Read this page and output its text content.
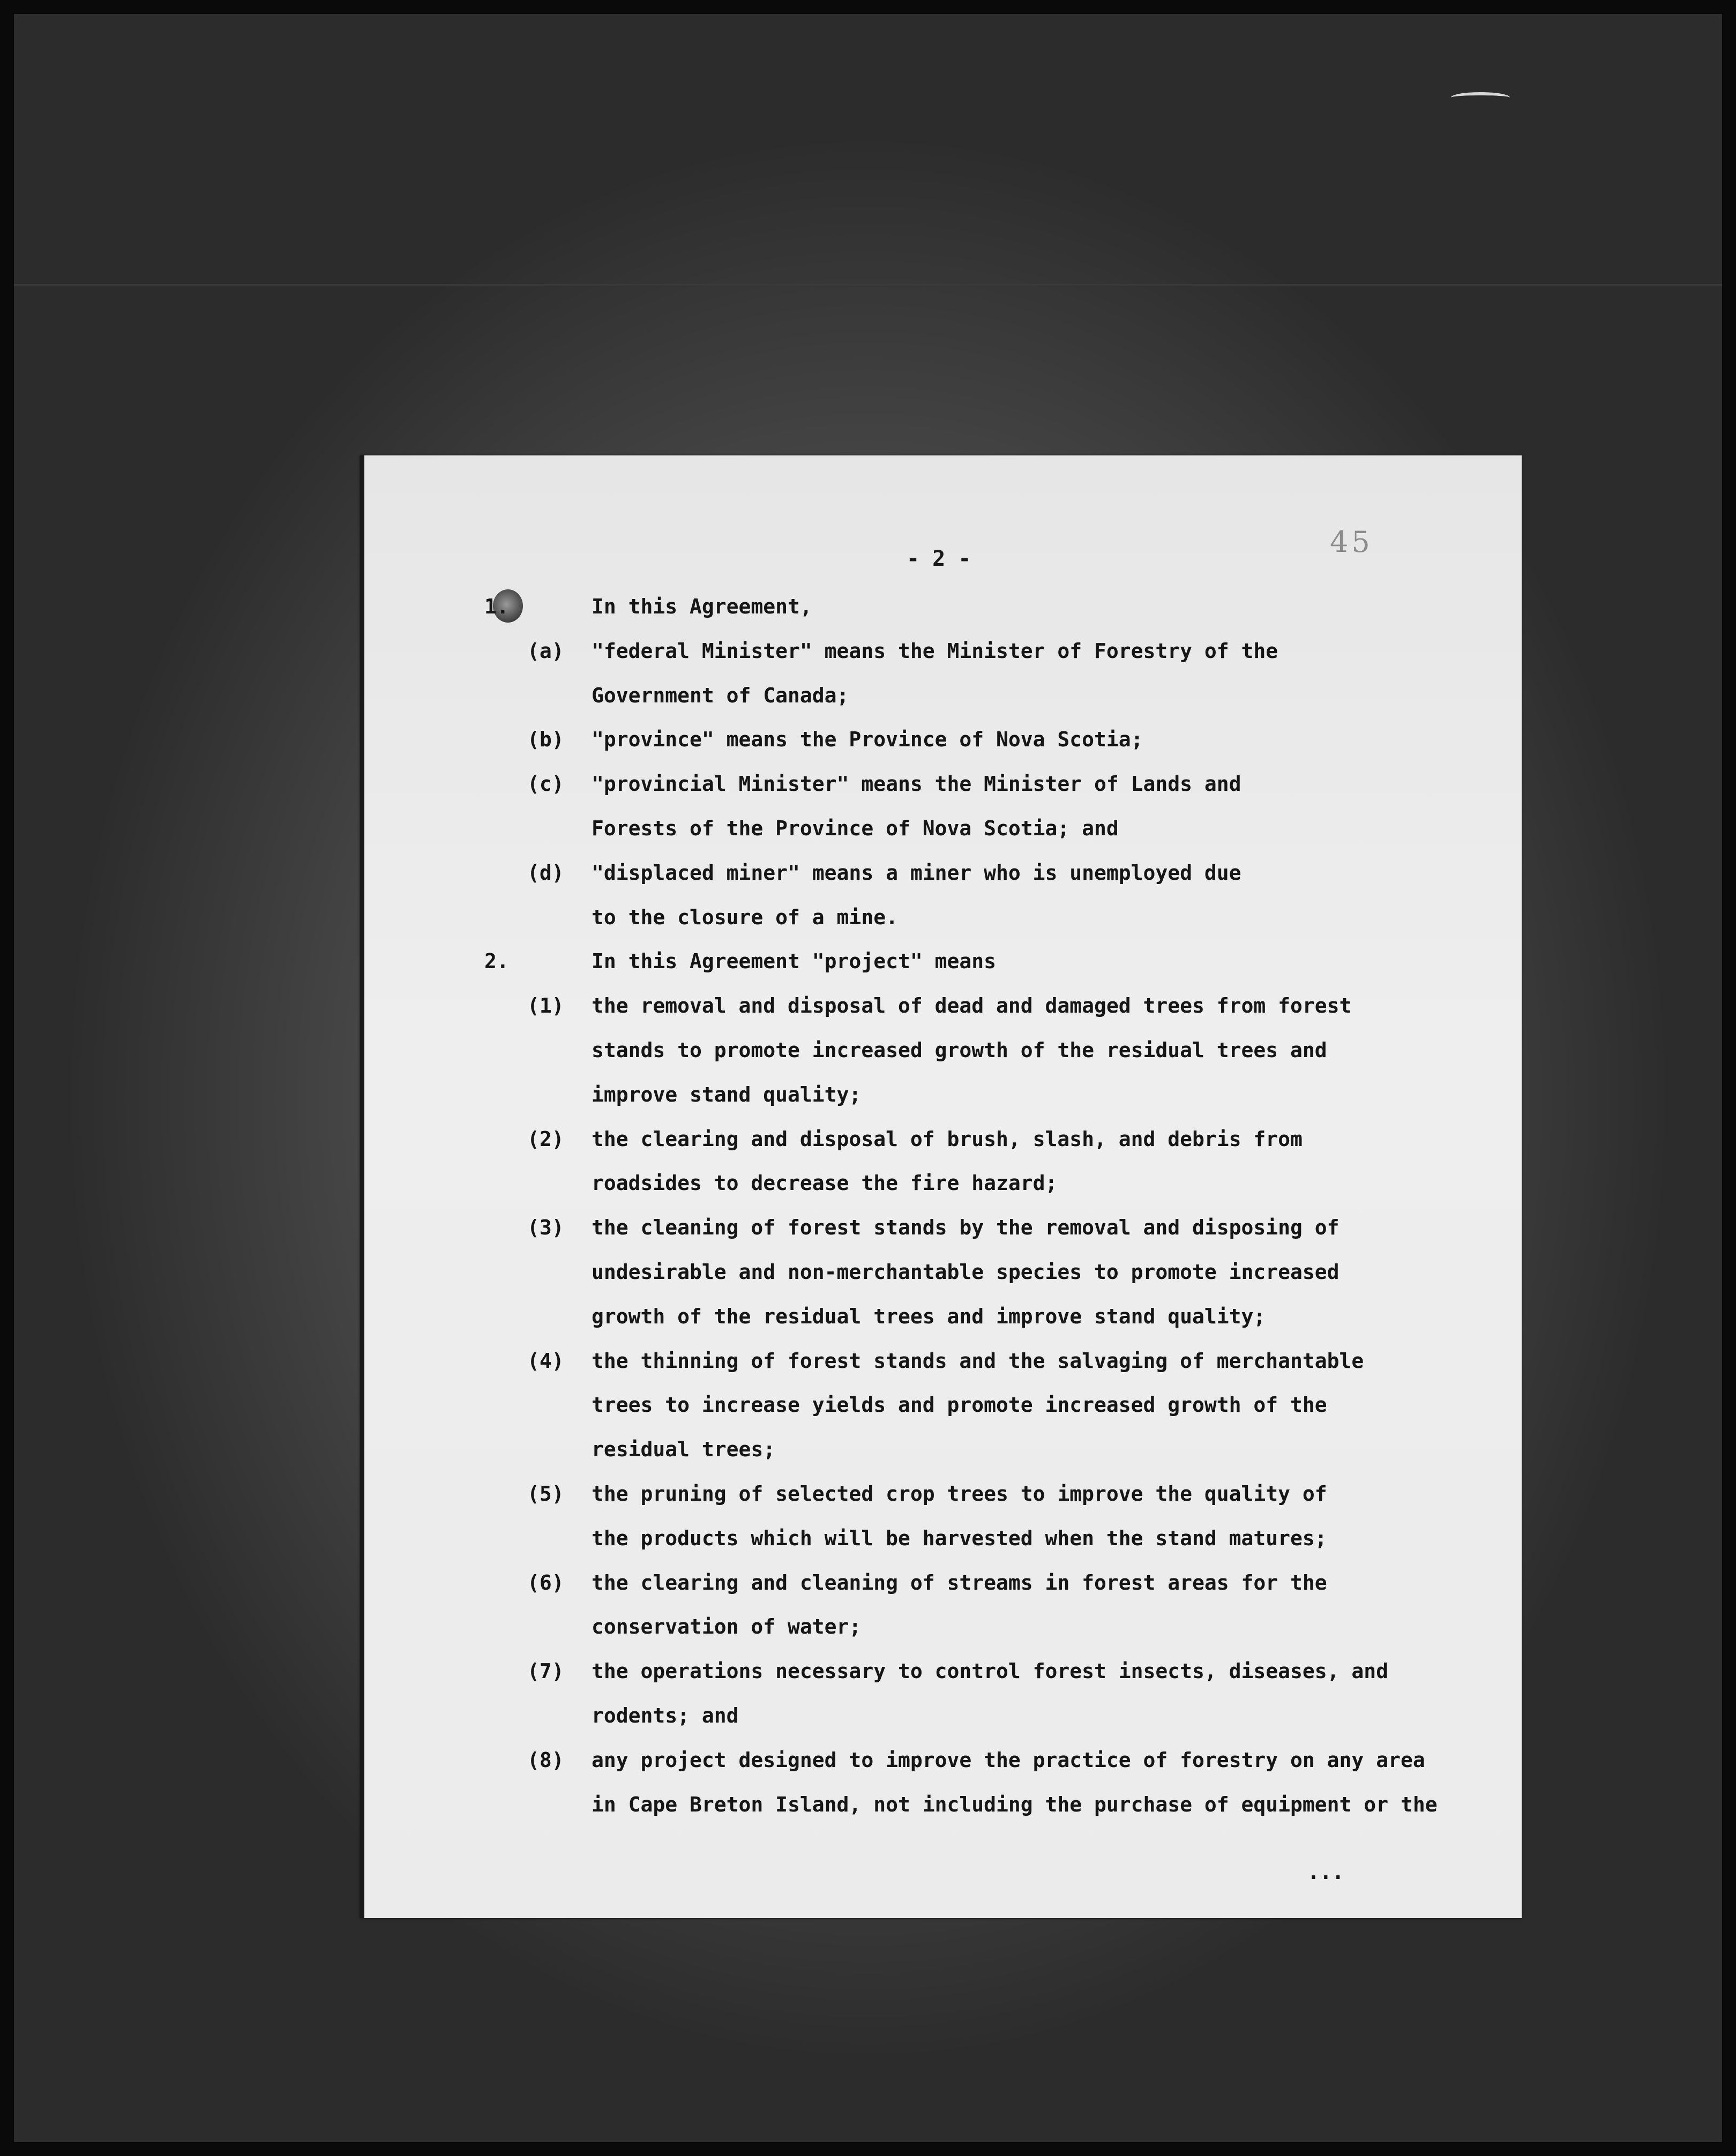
- 2 -	45
1.	In this Agreement,
(a) "federal Minister" means the Minister of Forestry of the
Government of Canada;
(b) "province" means the Province of Nova Scotia;
(c) "provincial Minister" means the Minister of Lands and
Forests of the Province of Nova Scotia; and
(d) "displaced miner" means a miner who is unemployed due
to the closure of a mine.
2.	In this Agreement "project" means
(1) the removal and disposal of dead and damaged trees from forest
stands to promote increased growth of the residual trees and
improve stand quality;
(2) the clearing and disposal of brush, slash, and debris from
roadsides to decrease the fire hazard;
(3) the cleaning of forest stands by the removal and disposing of
undesirable and non-merchantable species to promote increased
growth of the residual trees and improve stand quality;
(4) the thinning of forest stands and the salvaging of merchantable
trees to increase yields and promote increased growth of the
residual trees;
(5) the pruning of selected crop trees to improve the quality of
the products which will be harvested when the stand matures;
(6) the clearing and cleaning of streams in forest areas for the
conservation of water;
(7) the operations necessary to control forest insects, diseases, and
rodents; and
(8) any project designed to improve the practice of forestry on any area
in Cape Breton Island, not including the purchase of equipment or the
...
